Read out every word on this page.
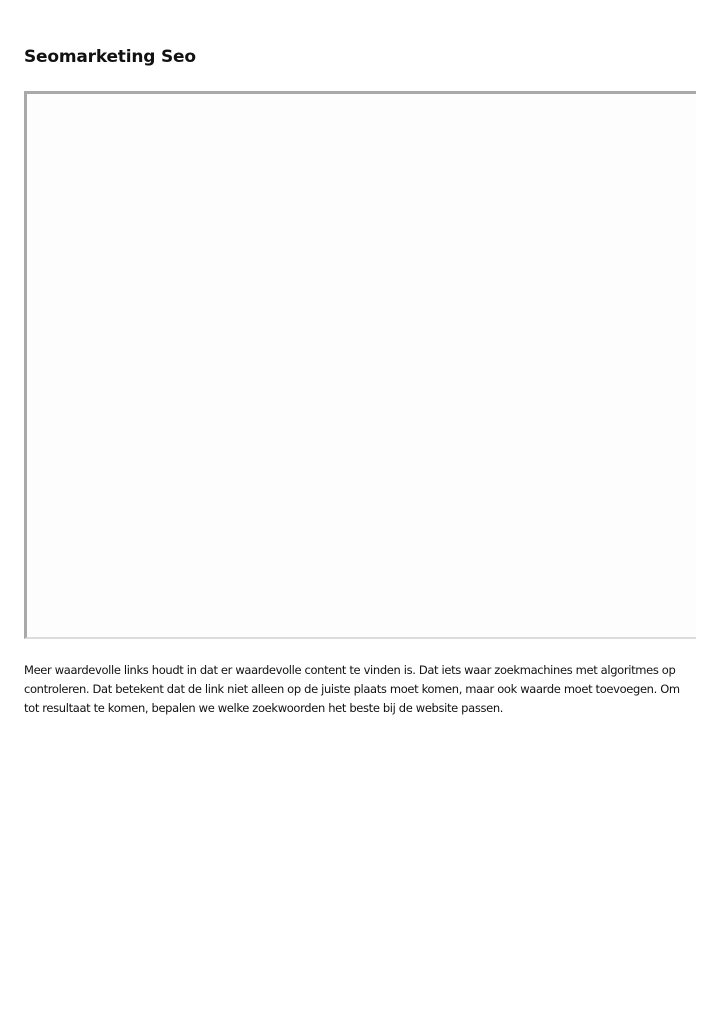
Seomarketing Seo

Meer waardevolle links houdt in dat er waardevolle content te vinden is. Dat iets waar zoekmachines met algoritmes op controleren. Dat betekent dat de link niet alleen op de juiste plaats moet komen, maar ook waarde moet toevoegen. Om tot resultaat te komen, bepalen we welke zoekwoorden het beste bij de website passen.
